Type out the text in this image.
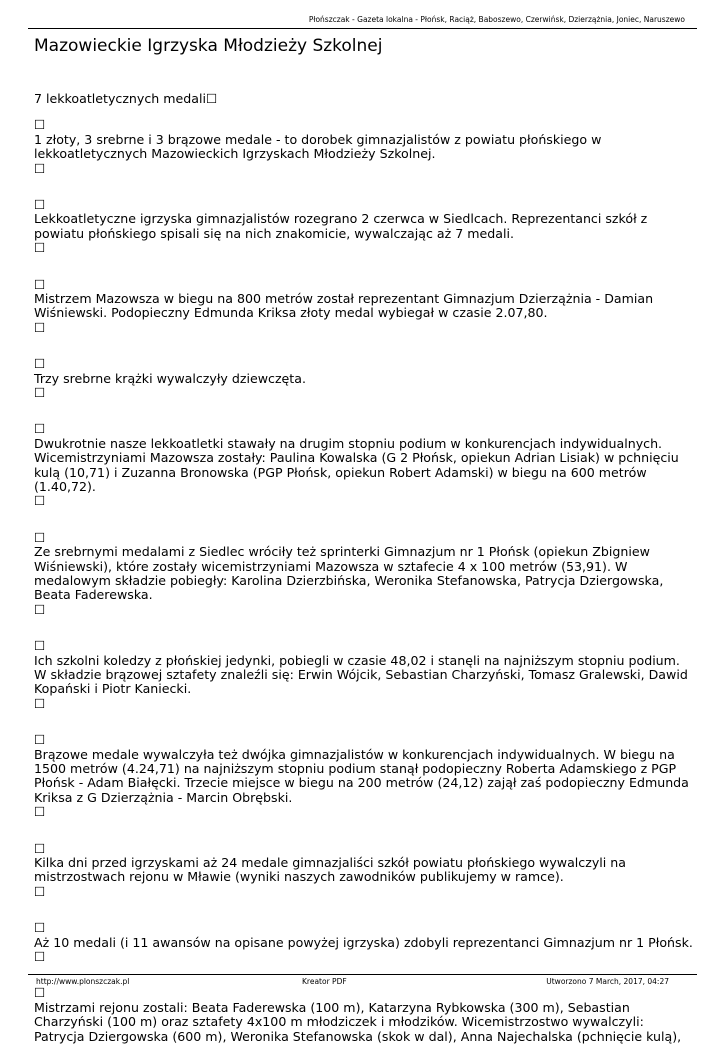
Płońszczak - Gazeta lokalna - Płońsk, Raciąż, Baboszewo, Czerwińsk, Dzierzążnia, Joniec, Naruszewo
Mazowieckie Igrzyska Młodzieży Szkolnej

7 lekkoatletycznych medali☐

☐

1 złoty, 3 srebrne i 3 brązowe medale - to dorobek gimnazjalistów z powiatu płońskiego w lekkoatletycznych Mazowieckich Igrzyskach Młodzieży Szkolnej.

☐
☐

Lekkoatletyczne igrzyska gimnazjalistów rozegrano 2 czerwca w Siedlcach. Reprezentanci szkół z powiatu płońskiego spisali się na nich znakomicie, wywalczając aż 7 medali.

☐
☐

Mistrzem Mazowsza w biegu na 800 metrów został reprezentant Gimnazjum Dzierzążnia - Damian Wiśniewski. Podopieczny Edmunda Kriksa złoty medal wybiegał w czasie 2.07,80.

☐
☐

Trzy srebrne krążki wywalczyły dziewczęta.

☐
☐

Dwukrotnie nasze lekkoatletki stawały na drugim stopniu podium w konkurencjach indywidualnych. Wicemistrzyniami Mazowsza zostały: Paulina Kowalska (G 2 Płońsk, opiekun Adrian Lisiak) w pchnięciu kulą (10,71) i Zuzanna Bronowska (PGP Płońsk, opiekun Robert Adamski) w biegu na 600 metrów (1.40,72).

☐
☐

Ze srebrnymi medalami z Siedlec wróciły też sprinterki Gimnazjum nr 1 Płońsk (opiekun Zbigniew Wiśniewski), które zostały wicemistrzyniami Mazowsza w sztafecie 4 x 100 metrów (53,91). W medalowym składzie pobiegły: Karolina Dzierzbińska, Weronika Stefanowska, Patrycja Dziergowska, Beata Faderewska.

☐
☐

Ich szkolni koledzy z płońskiej jedynki, pobiegli w czasie 48,02 i stanęli na najniższym stopniu podium. W składzie brązowej sztafety znaleźli się: Erwin Wójcik, Sebastian Charzyński, Tomasz Gralewski, Dawid Kopański i Piotr Kaniecki.

☐
☐

Brązowe medale wywalczyła też dwójka gimnazjalistów w konkurencjach indywidualnych. W biegu na 1500 metrów (4.24,71) na najniższym stopniu podium stanął podopieczny Roberta Adamskiego z PGP Płońsk - Adam Białęcki. Trzecie miejsce w biegu na 200 metrów (24,12) zajął zaś podopieczny Edmunda Kriksa z G Dzierzążnia - Marcin Obrębski.

☐
☐

Kilka dni przed igrzyskami aż 24 medale gimnazjaliści szkół powiatu płońskiego wywalczyli na mistrzostwach rejonu w Mławie (wyniki naszych zawodników publikujemy w ramce).

☐
☐

Aż 10 medali (i 11 awansów na opisane powyżej igrzyska) zdobyli reprezentanci Gimnazjum nr 1 Płońsk.

☐
☐

Mistrzami rejonu zostali: Beata Faderewska (100 m), Katarzyna Rybkowska (300 m), Sebastian Charzyński (100 m) oraz sztafety 4x100 m młodziczek i młodzików. Wicemistrzostwo wywalczyli: Patrycja Dziergowska (600 m), Weronika Stefanowska (skok w dal), Anna Najechalska (pchnięcie kulą),

http://www.plonszczak.pl	Kreator PDF	Utworzono 7 March, 2017, 04:27
